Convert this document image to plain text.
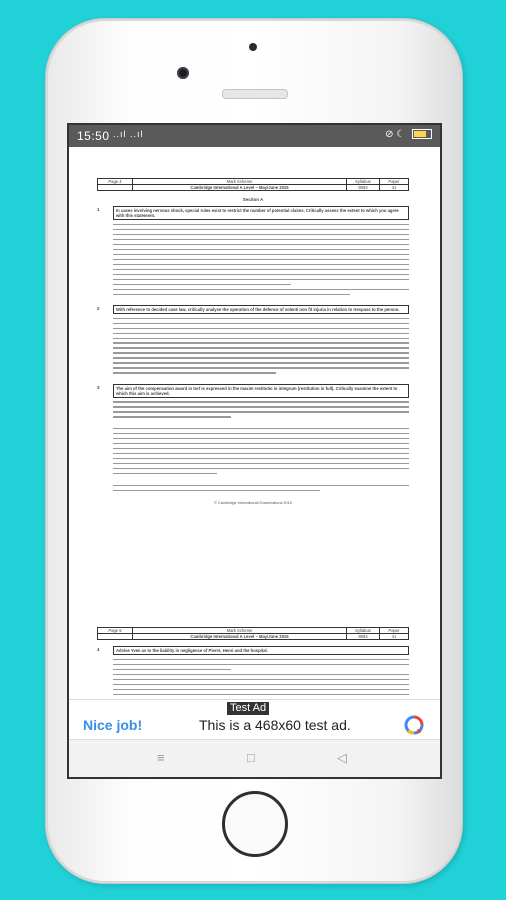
15:50 ..ıl ..ıl	⊘ ☾
Page 4	Mark Scheme	Syllabus	Paper
	Cambridge International A Level – May/June 2015	9084	41
Section A
1	In cases involving nervous shock, special rules exist to restrict the number of potential claims. Critically assess the extent to which you agree with this statement.
2	With reference to decided case law, critically analyse the operation of the defence of volenti non fit injuria in relation to trespass to the person.
3	The aim of the compensation award in tort is expressed in the maxim restitutio in integrum (restitution in full). Critically examine the extent to which this aim is achieved.
© Cambridge International Examinations 2015
Page 5	Mark Scheme	Syllabus	Paper
	Cambridge International A Level – May/June 2015	9084	41
4	Advise Yves as to the liability in negligence of Pierre, Henri and the hospital.
Test Ad
Nice job!	This is a 468x60 test ad.
≡	□	◁
